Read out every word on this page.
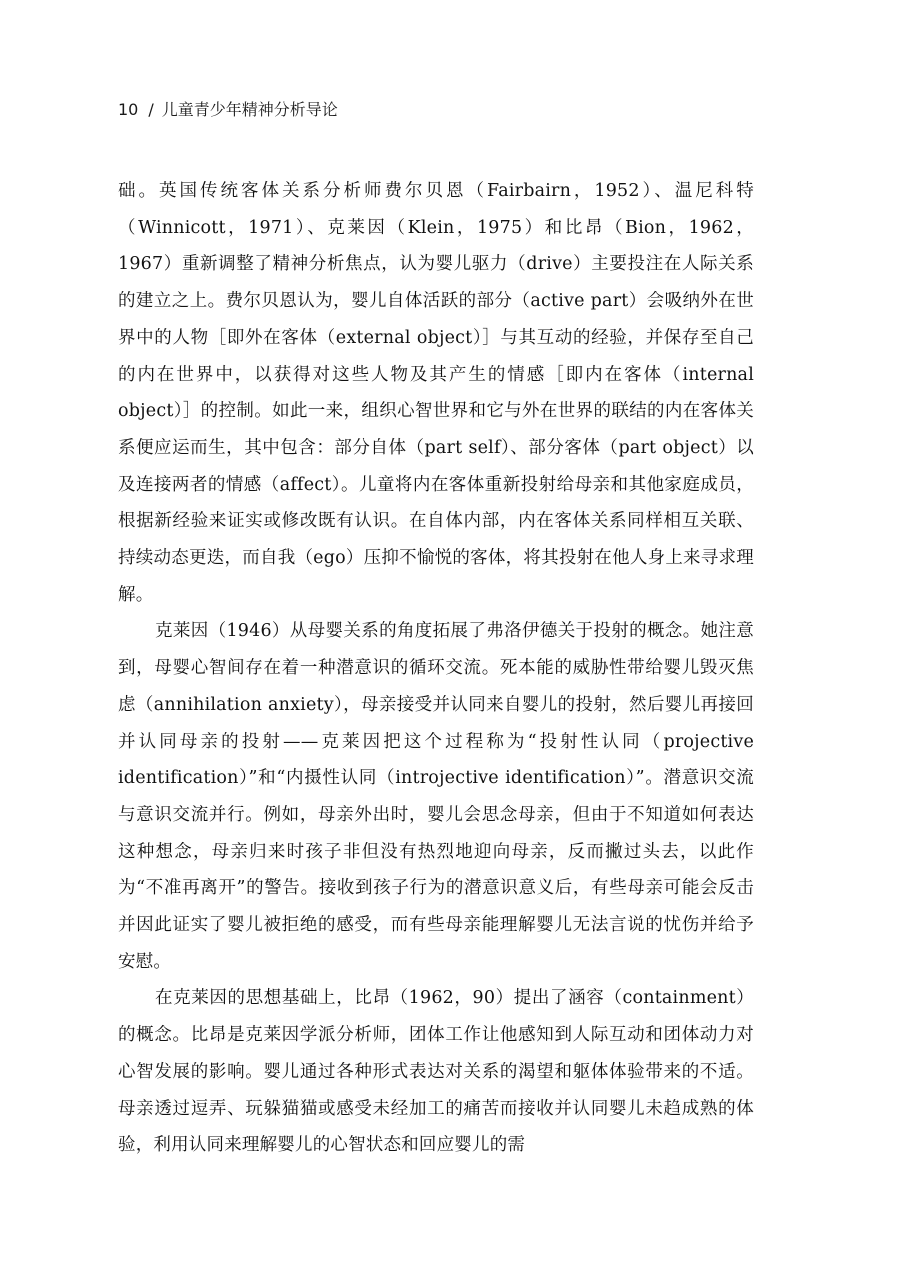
10 / 儿童青少年精神分析导论

础。英国传统客体关系分析师费尔贝恩（Fairbairn，1952）、温尼科特（Winnicott，1971）、克莱因（Klein，1975）和比昂（Bion，1962，1967）重新调整了精神分析焦点，认为婴儿驱力（drive）主要投注在人际关系的建立之上。费尔贝恩认为，婴儿自体活跃的部分（active part）会吸纳外在世界中的人物［即外在客体（external object）］与其互动的经验，并保存至自己的内在世界中，以获得对这些人物及其产生的情感［即内在客体（internal object）］的控制。如此一来，组织心智世界和它与外在世界的联结的内在客体关系便应运而生，其中包含：部分自体（part self）、部分客体（part object）以及连接两者的情感（affect）。儿童将内在客体重新投射给母亲和其他家庭成员，根据新经验来证实或修改既有认识。在自体内部，内在客体关系同样相互关联、持续动态更迭，而自我（ego）压抑不愉悦的客体，将其投射在他人身上来寻求理解。

克莱因（1946）从母婴关系的角度拓展了弗洛伊德关于投射的概念。她注意到，母婴心智间存在着一种潜意识的循环交流。死本能的威胁性带给婴儿毁灭焦虑（annihilation anxiety），母亲接受并认同来自婴儿的投射，然后婴儿再接回并认同母亲的投射——克莱因把这个过程称为“投射性认同（projective identification）”和“内摄性认同（introjective identification）”。潜意识交流与意识交流并行。例如，母亲外出时，婴儿会思念母亲，但由于不知道如何表达这种想念，母亲归来时孩子非但没有热烈地迎向母亲，反而撇过头去，以此作为“不准再离开”的警告。接收到孩子行为的潜意识意义后，有些母亲可能会反击并因此证实了婴儿被拒绝的感受，而有些母亲能理解婴儿无法言说的忧伤并给予安慰。

在克莱因的思想基础上，比昂（1962，90）提出了涵容（containment）的概念。比昂是克莱因学派分析师，团体工作让他感知到人际互动和团体动力对心智发展的影响。婴儿通过各种形式表达对关系的渴望和躯体体验带来的不适。母亲透过逗弄、玩躲猫猫或感受未经加工的痛苦而接收并认同婴儿未趋成熟的体验，利用认同来理解婴儿的心智状态和回应婴儿的需
